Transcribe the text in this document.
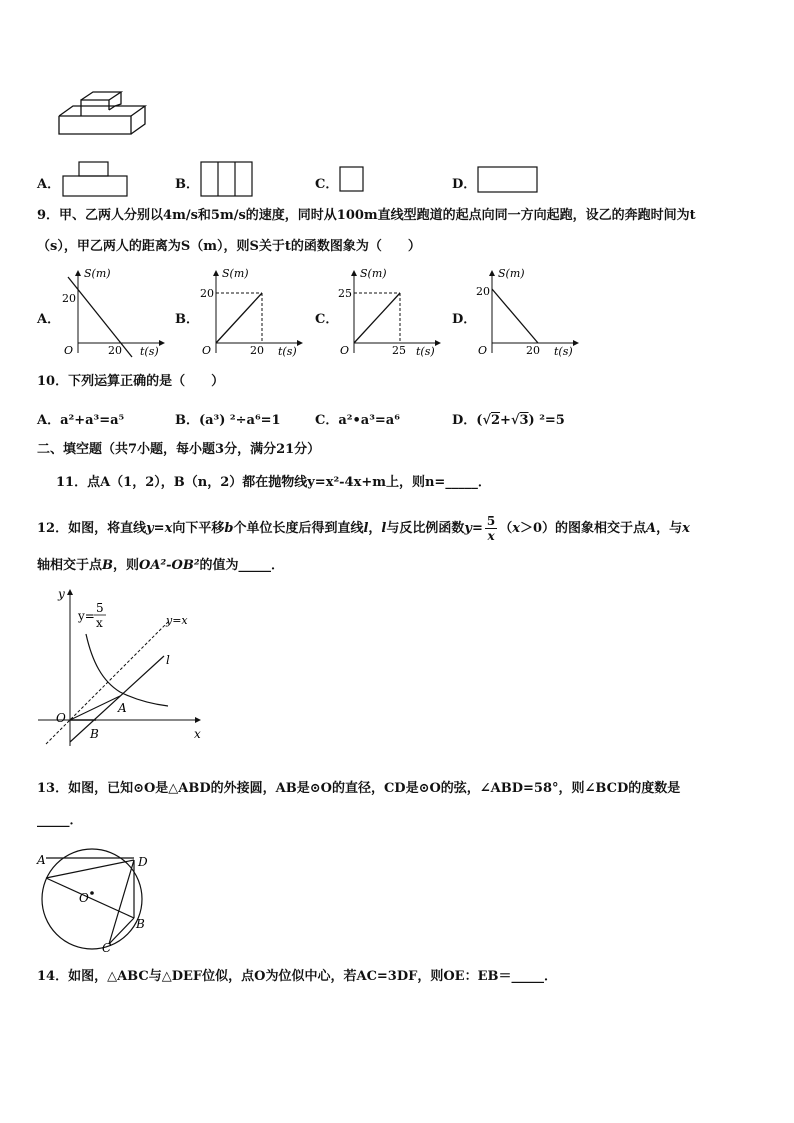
A．	B．	C．	D．
9．甲、乙两人分别以4m/s和5m/s的速度，同时从100m直线型跑道的起点向同一方向起跑，设乙的奔跑时间为t
（s），甲乙两人的距离为S（m），则S关于t的函数图象为（　　）
A．	B．	C．	D．
S(m)
20
O	20 t(s)
S(m)
20
O	20 t(s)
S(m)
25
O	25 t(s)
S(m)
20
O	20 t(s)
10．下列运算正确的是（　　）
A．a²+a³=a⁵	B．(a³) ²÷a⁶=1	C．a²•a³=a⁶	D．(√2+√3) ²=5
二、填空题（共7小题，每小题3分，满分21分）
11．点A（1，2），B（n，2）都在抛物线y=x²-4x+m上，则n=_____．
12．如图，将直线y=x向下平移b个单位长度后得到直线l，l与反比例函数$y= \frac{5}{x} (x>0)$的图象相交于点A，与x
轴相交于点B，则OA²-OB²的值为_____．
y
x
O
A
B
l
y=x
y=
5
x
13．如图，已知⊙O是△ABD的外接圆，AB是⊙O的直径，CD是⊙O的弦，∠ABD=58°，则∠BCD的度数是
_____．
A	D
O
B
C
14．如图，△ABC与△DEF位似，点O为位似中心，若AC=3DF，则OE：EB＝_____．
